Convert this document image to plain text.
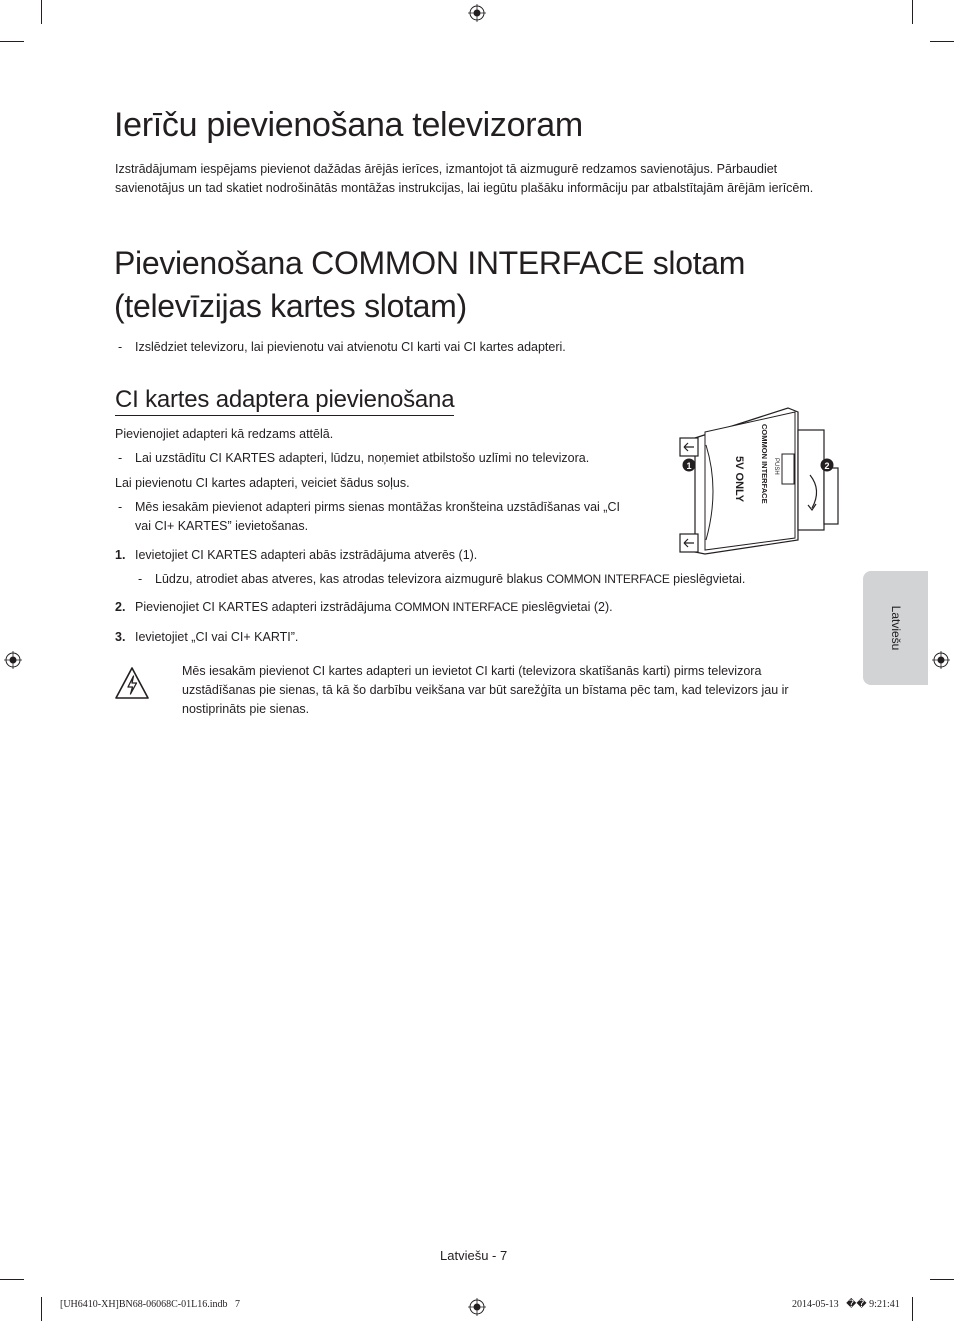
Ierīču pievienošana televizoram
Izstrādājumam iespējams pievienot dažādas ārējās ierīces, izmantojot tā aizmugurē redzamos savienotājus. Pārbaudiet
savienotājus un tad skatiet nodrošinātās montāžas instrukcijas, lai iegūtu plašāku informāciju par atbalstītajām ārējām ierīcēm.
Pievienošana COMMON INTERFACE slotam
(televīzijas kartes slotam)
- Izslēdziet televizoru, lai pievienotu vai atvienotu CI karti vai CI kartes adapteri.
CI kartes adaptera pievienošana
Pievienojiet adapteri kā redzams attēlā.
- Lai uzstādītu CI KARTES adapteri, lūdzu, noņemiet atbilstošo uzlīmi no televizora.
Lai pievienotu CI kartes adapteri, veiciet šādus soļus.
- Mēs iesakām pievienot adapteri pirms sienas montāžas kronšteina uzstādīšanas vai „CI
vai CI+ KARTES” ievietošanas.
1. Ievietojiet CI KARTES adapteri abās izstrādājuma atverēs (1).
- Lūdzu, atrodiet abas atveres, kas atrodas televizora aizmugurē blakus COMMON INTERFACE pieslēgvietai.
2. Pievienojiet CI KARTES adapteri izstrādājuma COMMON INTERFACE pieslēgvietai (2).
3. Ievietojiet „CI vai CI+ KARTI”.
Mēs iesakām pievienot CI kartes adapteri un ievietot CI karti (televizora skatīšanās karti) pirms televizora
uzstādīšanas pie sienas, tā kā šo darbību veikšana var būt sarežģīta un bīstama pēc tam, kad televizors jau ir
nostiprināts pie sienas.
1	2
COMMON INTERFACE
5V ONLY	PUSH
Latviešu
Latviešu - 7
[UH6410-XH]BN68-06068C-01L16.indb   7	2014-05-13   �� 9:21:41
